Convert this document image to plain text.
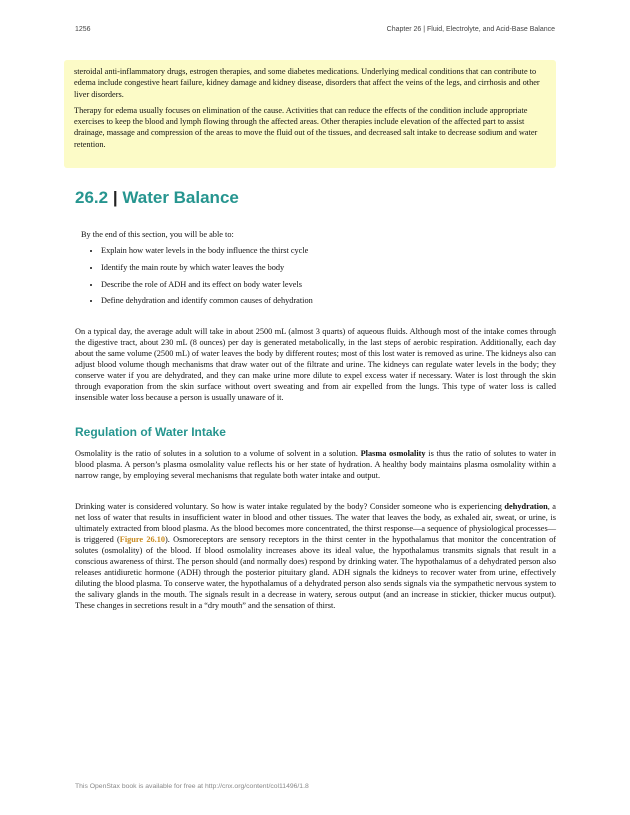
1256	Chapter 26 | Fluid, Electrolyte, and Acid-Base Balance

steroidal anti-inflammatory drugs, estrogen therapies, and some diabetes medications. Underlying medical conditions that can contribute to edema include congestive heart failure, kidney damage and kidney disease, disorders that affect the veins of the legs, and cirrhosis and other liver disorders.

Therapy for edema usually focuses on elimination of the cause. Activities that can reduce the effects of the condition include appropriate exercises to keep the blood and lymph flowing through the affected areas. Other therapies include elevation of the affected part to assist drainage, massage and compression of the areas to move the fluid out of the tissues, and decreased salt intake to decrease sodium and water retention.

26.2 | Water Balance

By the end of this section, you will be able to:

• Explain how water levels in the body influence the thirst cycle
• Identify the main route by which water leaves the body
• Describe the role of ADH and its effect on body water levels
• Define dehydration and identify common causes of dehydration

On a typical day, the average adult will take in about 2500 mL (almost 3 quarts) of aqueous fluids. Although most of the intake comes through the digestive tract, about 230 mL (8 ounces) per day is generated metabolically, in the last steps of aerobic respiration. Additionally, each day about the same volume (2500 mL) of water leaves the body by different routes; most of this lost water is removed as urine. The kidneys also can adjust blood volume though mechanisms that draw water out of the filtrate and urine. The kidneys can regulate water levels in the body; they conserve water if you are dehydrated, and they can make urine more dilute to expel excess water if necessary. Water is lost through the skin through evaporation from the skin surface without overt sweating and from air expelled from the lungs. This type of water loss is called insensible water loss because a person is usually unaware of it.

Regulation of Water Intake

Osmolality is the ratio of solutes in a solution to a volume of solvent in a solution. Plasma osmolality is thus the ratio of solutes to water in blood plasma. A person’s plasma osmolality value reflects his or her state of hydration. A healthy body maintains plasma osmolality within a narrow range, by employing several mechanisms that regulate both water intake and output.

Drinking water is considered voluntary. So how is water intake regulated by the body? Consider someone who is experiencing dehydration, a net loss of water that results in insufficient water in blood and other tissues. The water that leaves the body, as exhaled air, sweat, or urine, is ultimately extracted from blood plasma. As the blood becomes more concentrated, the thirst response—a sequence of physiological processes—is triggered (Figure 26.10). Osmoreceptors are sensory receptors in the thirst center in the hypothalamus that monitor the concentration of solutes (osmolality) of the blood. If blood osmolality increases above its ideal value, the hypothalamus transmits signals that result in a conscious awareness of thirst. The person should (and normally does) respond by drinking water. The hypothalamus of a dehydrated person also releases antidiuretic hormone (ADH) through the posterior pituitary gland. ADH signals the kidneys to recover water from urine, effectively diluting the blood plasma. To conserve water, the hypothalamus of a dehydrated person also sends signals via the sympathetic nervous system to the salivary glands in the mouth. The signals result in a decrease in watery, serous output (and an increase in stickier, thicker mucus output). These changes in secretions result in a “dry mouth” and the sensation of thirst.

This OpenStax book is available for free at http://cnx.org/content/col11496/1.8
